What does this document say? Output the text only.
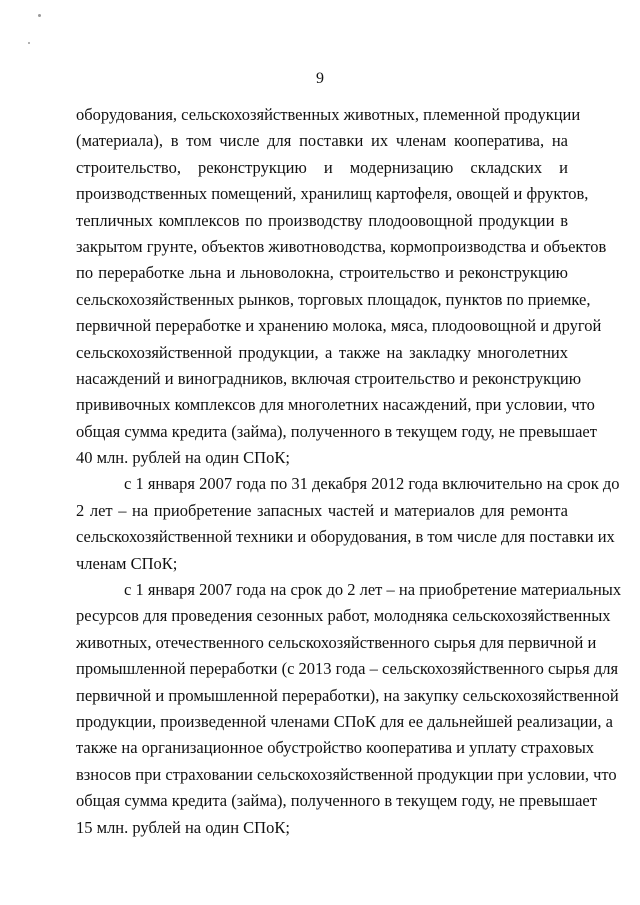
9
оборудования, сельскохозяйственных животных, племенной продукции
(материала), в том числе для поставки их членам кооператива, на
строительство, реконструкцию и модернизацию складских и
производственных помещений, хранилищ картофеля, овощей и фруктов,
тепличных комплексов по производству плодоовощной продукции в
закрытом грунте, объектов животноводства, кормопроизводства и объектов
по переработке льна и льноволокна, строительство и реконструкцию
сельскохозяйственных рынков, торговых площадок, пунктов по приемке,
первичной переработке и хранению молока, мяса, плодоовощной и другой
сельскохозяйственной продукции, а также на закладку многолетних
насаждений и виноградников, включая строительство и реконструкцию
прививочных комплексов для многолетних насаждений, при условии, что
общая сумма кредита (займа), полученного в текущем году, не превышает
40 млн. рублей на один СПоК;
с 1 января 2007 года по 31 декабря 2012 года включительно на срок до
2 лет – на приобретение запасных частей и материалов для ремонта
сельскохозяйственной техники и оборудования, в том числе для поставки их
членам СПоК;
с 1 января 2007 года на срок до 2 лет – на приобретение материальных
ресурсов для проведения сезонных работ, молодняка сельскохозяйственных
животных, отечественного сельскохозяйственного сырья для первичной и
промышленной переработки (с 2013 года – сельскохозяйственного сырья для
первичной и промышленной переработки), на закупку сельскохозяйственной
продукции, произведенной членами СПоК для ее дальнейшей реализации, а
также на организационное обустройство кооператива и уплату страховых
взносов при страховании сельскохозяйственной продукции при условии, что
общая сумма кредита (займа), полученного в текущем году, не превышает
15 млн. рублей на один СПоК;
